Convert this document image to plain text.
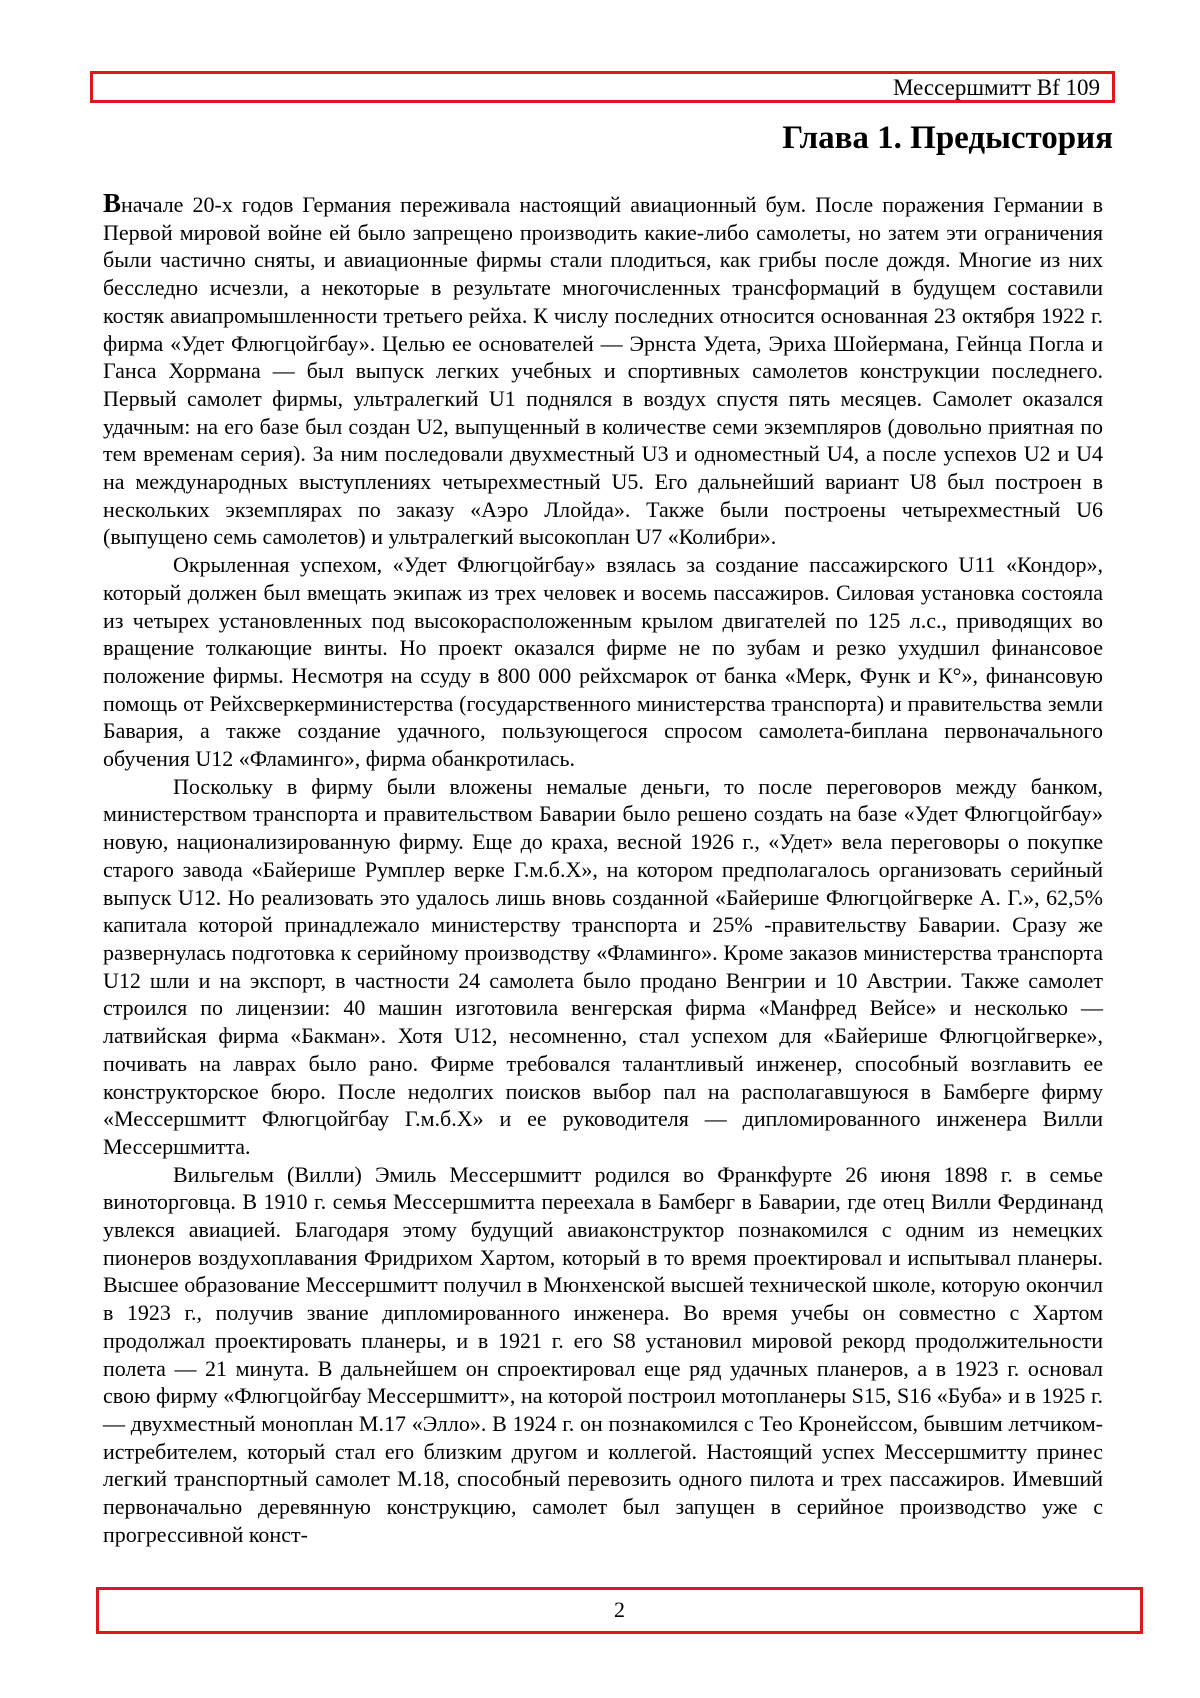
Мессершмитт Bf 109
Глава 1. Предыстория

Вначале 20-х годов Германия переживала настоящий авиационный бум. После поражения Германии в Первой мировой войне ей было запрещено производить какие-либо самолеты, но затем эти ограничения были частично сняты, и авиационные фирмы стали плодиться, как грибы после дождя. Многие из них бесследно исчезли, а некоторые в результате многочисленных трансформаций в будущем составили костяк авиапромышленности третьего рейха. К числу последних относится основанная 23 октября 1922 г. фирма «Удет Флюгцойгбау». Целью ее основателей — Эрнста Удета, Эриха Шойермана, Гейнца Погла и Ганса Хоррмана — был выпуск легких учебных и спортивных самолетов конструкции последнего. Первый самолет фирмы, ультралегкий U1 поднялся в воздух спустя пять месяцев. Самолет оказался удачным: на его базе был создан U2, выпущенный в количестве семи экземпляров (довольно приятная по тем временам серия). За ним последовали двухместный U3 и одноместный U4, а после успехов U2 и U4 на международных выступлениях четырехместный U5. Его дальнейший вариант U8 был построен в нескольких экземплярах по заказу «Аэро Ллойда». Также были построены четырехместный U6 (выпущено семь самолетов) и ультралегкий высокоплан U7 «Колибри».

Окрыленная успехом, «Удет Флюгцойгбау» взялась за создание пассажирского U11 «Кондор», который должен был вмещать экипаж из трех человек и восемь пассажиров. Силовая установка состояла из четырех установленных под высокорасположенным крылом двигателей по 125 л.с., приводящих во вращение толкающие винты. Но проект оказался фирме не по зубам и резко ухудшил финансовое положение фирмы. Несмотря на ссуду в 800 000 рейхсмарок от банка «Мерк, Функ и К°», финансовую помощь от Рейхсверкерминистерства (государственного министерства транспорта) и правительства земли Бавария, а также создание удачного, пользующегося спросом самолета-биплана первоначального обучения U12 «Фламинго», фирма обанкротилась.

Поскольку в фирму были вложены немалые деньги, то после переговоров между банком, министерством транспорта и правительством Баварии было решено создать на базе «Удет Флюгцойгбау» новую, национализированную фирму. Еще до краха, весной 1926 г., «Удет» вела переговоры о покупке старого завода «Байерише Румплер верке Г.м.б.Х», на котором предполагалось организовать серийный выпуск U12. Но реализовать это удалось лишь вновь созданной «Байерише Флюгцойгверке А. Г.», 62,5% капитала которой принадлежало министерству транспорта и 25% -правительству Баварии. Сразу же развернулась подготовка к серийному производству «Фламинго». Кроме заказов министерства транспорта U12 шли и на экспорт, в частности 24 самолета было продано Венгрии и 10 Австрии. Также самолет строился по лицензии: 40 машин изготовила венгерская фирма «Манфред Вейсе» и несколько — латвийская фирма «Бакман». Хотя U12, несомненно, стал успехом для «Байерише Флюгцойгверке», почивать на лаврах было рано. Фирме требовался талантливый инженер, способный возглавить ее конструкторское бюро. После недолгих поисков выбор пал на располагавшуюся в Бамберге фирму «Мессершмитт Флюгцойгбау Г.м.б.Х» и ее руководителя — дипломированного инженера Вилли Мессершмитта.

Вильгельм (Вилли) Эмиль Мессершмитт родился во Франкфурте 26 июня 1898 г. в семье виноторговца. В 1910 г. семья Мессершмитта переехала в Бамберг в Баварии, где отец Вилли Фердинанд увлекся авиацией. Благодаря этому будущий авиаконструктор познакомился с одним из немецких пионеров воздухоплавания Фридрихом Хартом, который в то время проектировал и испытывал планеры. Высшее образование Мессершмитт получил в Мюнхенской высшей технической школе, которую окончил в 1923 г., получив звание дипломированного инженера. Во время учебы он совместно с Хартом продолжал проектировать планеры, и в 1921 г. его S8 установил мировой рекорд продолжительности полета — 21 минута. В дальнейшем он спроектировал еще ряд удачных планеров, а в 1923 г. основал свою фирму «Флюгцойгбау Мессершмитт», на которой построил мотопланеры S15, S16 «Буба» и в 1925 г. — двухместный моноплан М.17 «Элло». В 1924 г. он познакомился с Тео Кронейссом, бывшим летчиком-истребителем, который стал его близким другом и коллегой. Настоящий успех Мессершмитту принес легкий транспортный самолет М.18, способный перевозить одного пилота и трех пассажиров. Имевший первоначально деревянную конструкцию, самолет был запущен в серийное производство уже с прогрессивной конст-

2
